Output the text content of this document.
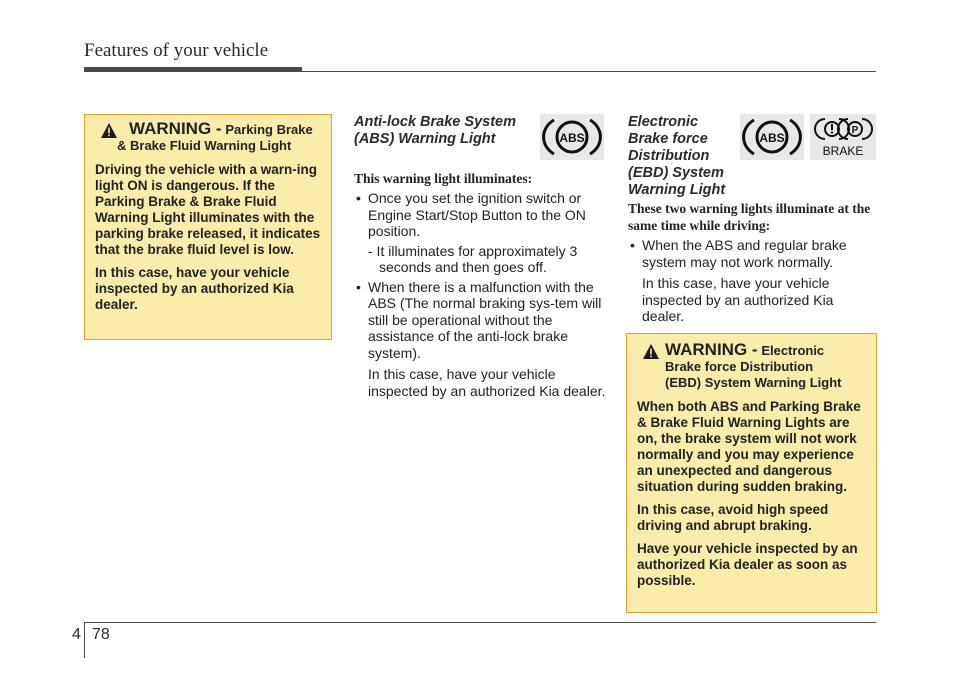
Features of your vehicle
WARNING - Parking Brake
& Brake Fluid Warning Light

Driving the vehicle with a warn-ing light ON is dangerous. If the Parking Brake & Brake Fluid Warning Light illuminates with the parking brake released, it indicates that the brake fluid level is low.

In this case, have your vehicle inspected by an authorized Kia dealer.

Anti-lock Brake System
(ABS) Warning Light	ABS
This warning light illuminates:
• Once you set the ignition switch or Engine Start/Stop Button to the ON position.
- It illuminates for approximately 3 seconds and then goes off.
• When there is a malfunction with the ABS (The normal braking sys-tem will still be operational without the assistance of the anti-lock brake system).
In this case, have your vehicle inspected by an authorized Kia dealer.
Electronic
Brake force
Distribution
(EBD) System
Warning Light
ABS
P
BRAKE
These two warning lights illuminate at the same time while driving:
• When the ABS and regular brake system may not work normally.
In this case, have your vehicle inspected by an authorized Kia dealer.
WARNING - Electronic
Brake force Distribution
(EBD) System Warning Light

When both ABS and Parking Brake & Brake Fluid Warning Lights are on, the brake system will not work normally and you may experience an unexpected and dangerous situation during sudden braking.

In this case, avoid high speed driving and abrupt braking.

Have your vehicle inspected by an authorized Kia dealer as soon as possible.

4 78
